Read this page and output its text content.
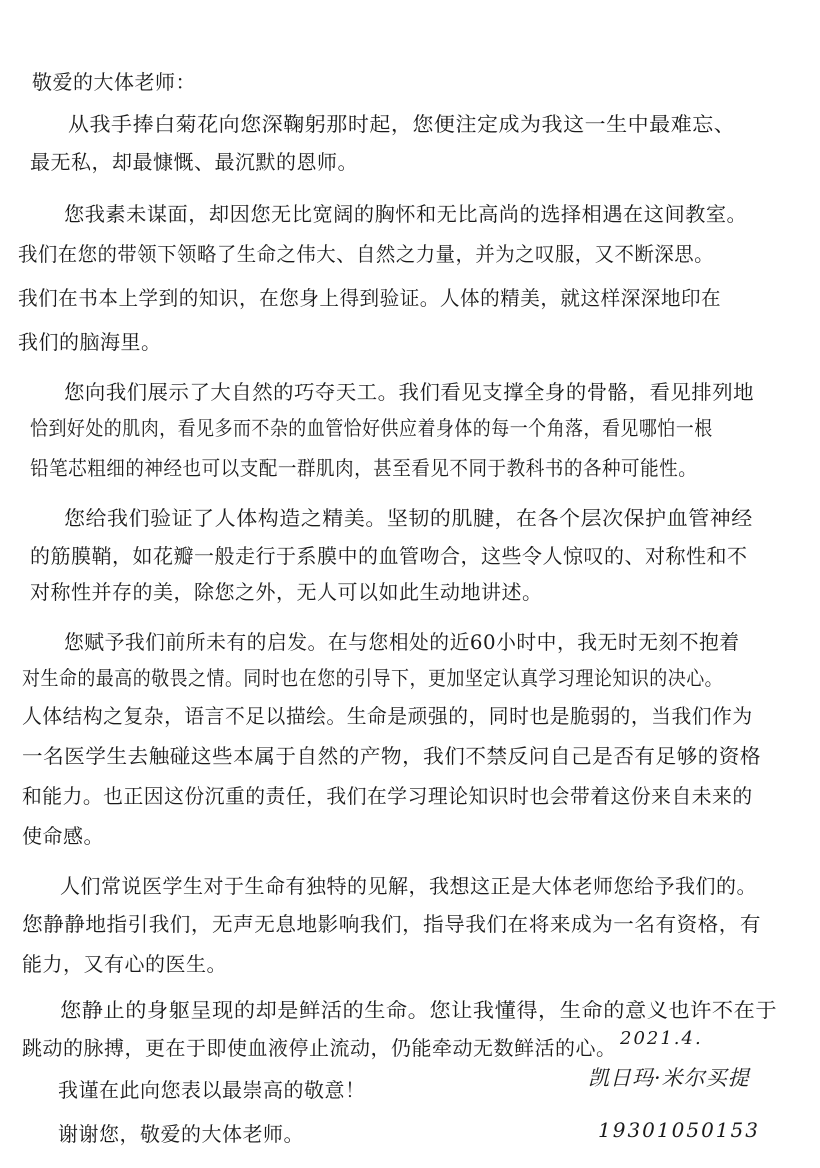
敬爱的大体老师：
从我手捧白菊花向您深鞠躬那时起，您便注定成为我这一生中最难忘、
最无私，却最慷慨、最沉默的恩师。
您我素未谋面，却因您无比宽阔的胸怀和无比高尚的选择相遇在这间教室。
我们在您的带领下领略了生命之伟大、自然之力量，并为之叹服，又不断深思。
我们在书本上学到的知识，在您身上得到验证。人体的精美，就这样深深地印在
我们的脑海里。
您向我们展示了大自然的巧夺天工。我们看见支撑全身的骨骼，看见排列地
恰到好处的肌肉，看见多而不杂的血管恰好供应着身体的每一个角落，看见哪怕一根
铅笔芯粗细的神经也可以支配一群肌肉，甚至看见不同于教科书的各种可能性。
您给我们验证了人体构造之精美。坚韧的肌腱，在各个层次保护血管神经
的筋膜鞘，如花瓣一般走行于系膜中的血管吻合，这些令人惊叹的、对称性和不
对称性并存的美，除您之外，无人可以如此生动地讲述。
您赋予我们前所未有的启发。在与您相处的近60小时中，我无时无刻不抱着
对生命的最高的敬畏之情。同时也在您的引导下，更加坚定认真学习理论知识的决心。
人体结构之复杂，语言不足以描绘。生命是顽强的，同时也是脆弱的，当我们作为
一名医学生去触碰这些本属于自然的产物，我们不禁反问自己是否有足够的资格
和能力。也正因这份沉重的责任，我们在学习理论知识时也会带着这份来自未来的
使命感。
人们常说医学生对于生命有独特的见解，我想这正是大体老师您给予我们的。
您静静地指引我们，无声无息地影响我们，指导我们在将来成为一名有资格，有
能力，又有心的医生。
您静止的身躯呈现的却是鲜活的生命。您让我懂得，生命的意义也许不在于
跳动的脉搏，更在于即使血液停止流动，仍能牵动无数鲜活的心。
我谨在此向您表以最崇高的敬意！
谢谢您，敬爱的大体老师。
2021.4.
凯日玛·米尔买提
19301050153
